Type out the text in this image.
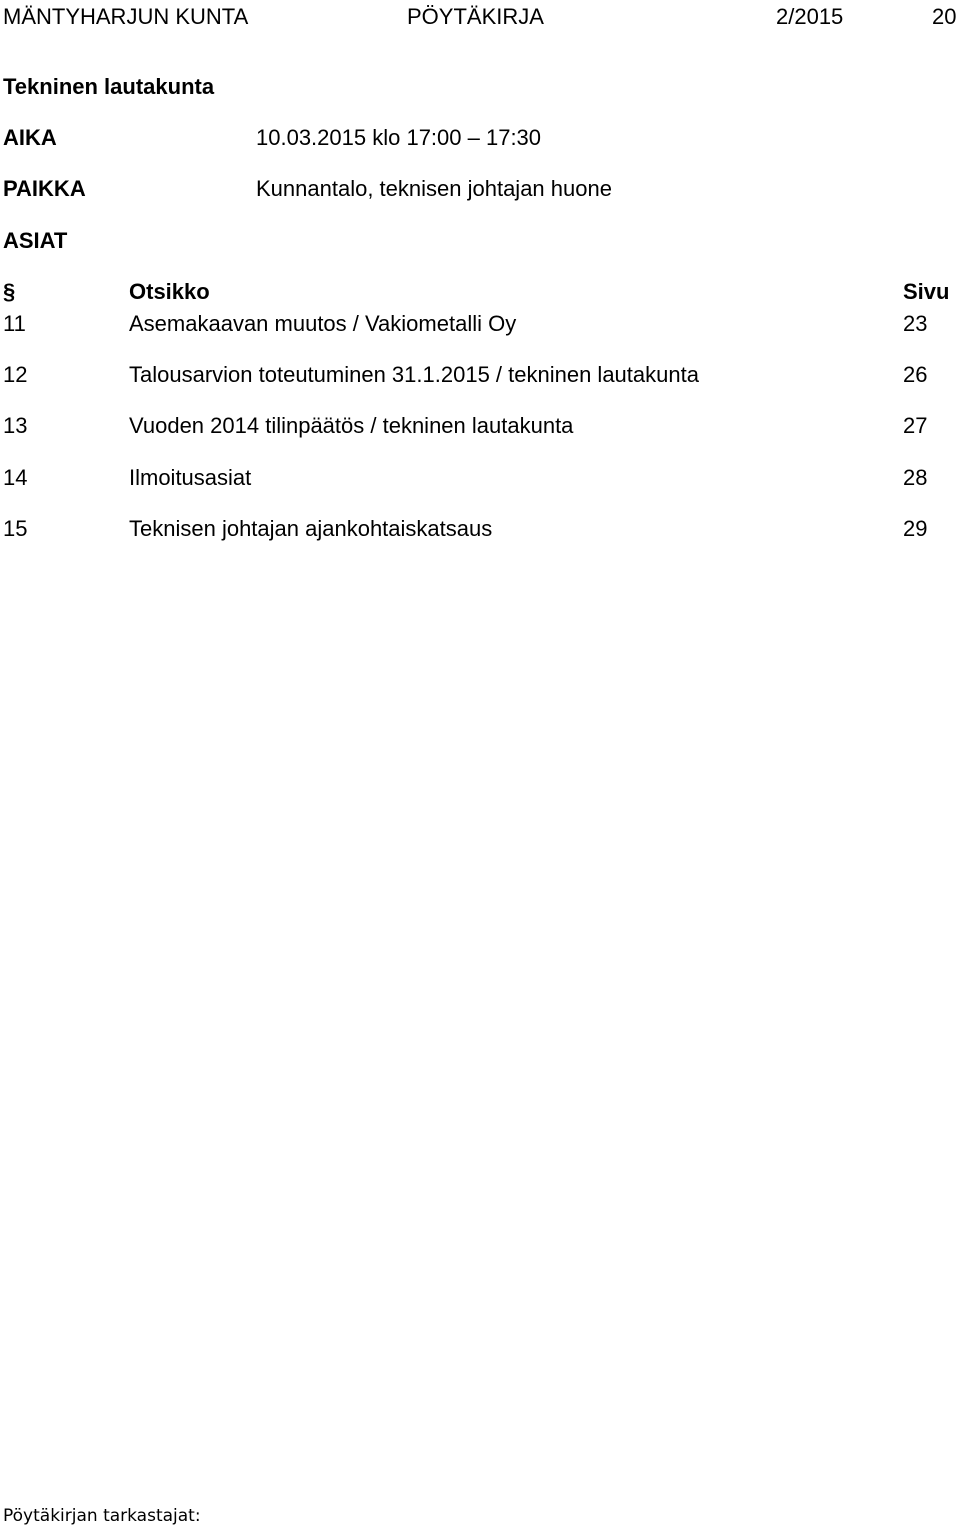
MÄNTYHARJUN KUNTA	PÖYTÄKIRJA	2/2015	20
Tekninen lautakunta
AIKA	10.03.2015 klo 17:00 – 17:30
PAIKKA	Kunnantalo, teknisen johtajan huone
ASIAT
§	Otsikko	Sivu
11	Asemakaavan muutos / Vakiometalli Oy	23
12	Talousarvion toteutuminen 31.1.2015 / tekninen lautakunta	26
13	Vuoden 2014 tilinpäätös / tekninen lautakunta	27
14	Ilmoitusasiat	28
15	Teknisen johtajan ajankohtaiskatsaus	29
Pöytäkirjan tarkastajat:
